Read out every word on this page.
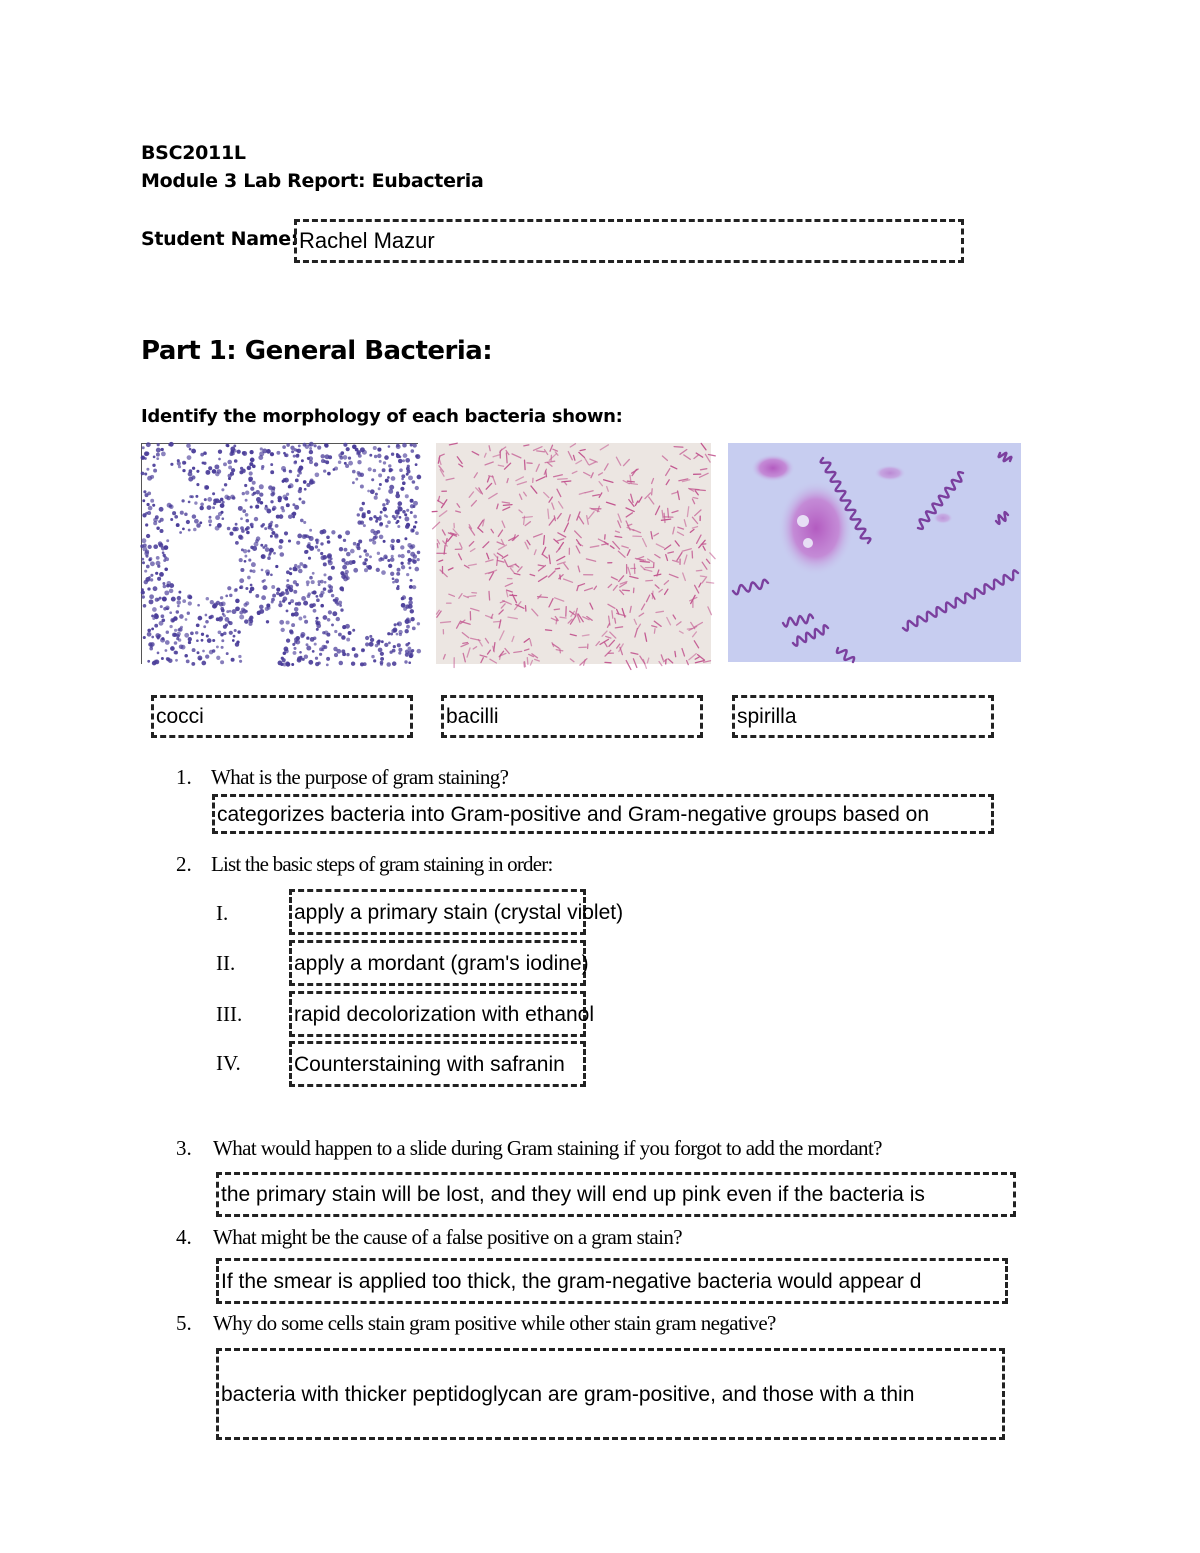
BSC2011L
Module 3 Lab Report: Eubacteria
Student Name: Rachel Mazur
Part 1: General Bacteria:
Identify the morphology of each bacteria shown:
cocci	bacilli	spirilla
1. What is the purpose of gram staining?
categorizes bacteria into Gram-positive and Gram-negative groups based on
2. List the basic steps of gram staining in order:
I.	apply a primary stain (crystal violet)
II.	apply a mordant (gram's iodine)
III. rapid decolorization with ethanol
IV.	Counterstaining with safranin
3. What would happen to a slide during Gram staining if you forgot to add the mordant?
the primary stain will be lost, and they will end up pink even if the bacteria is
4. What might be the cause of a false positive on a gram stain?
If the smear is applied too thick, the gram-negative bacteria would appear d
5. Why do some cells stain gram positive while other stain gram negative?
bacteria with thicker peptidoglycan are gram-positive, and those with a thin
